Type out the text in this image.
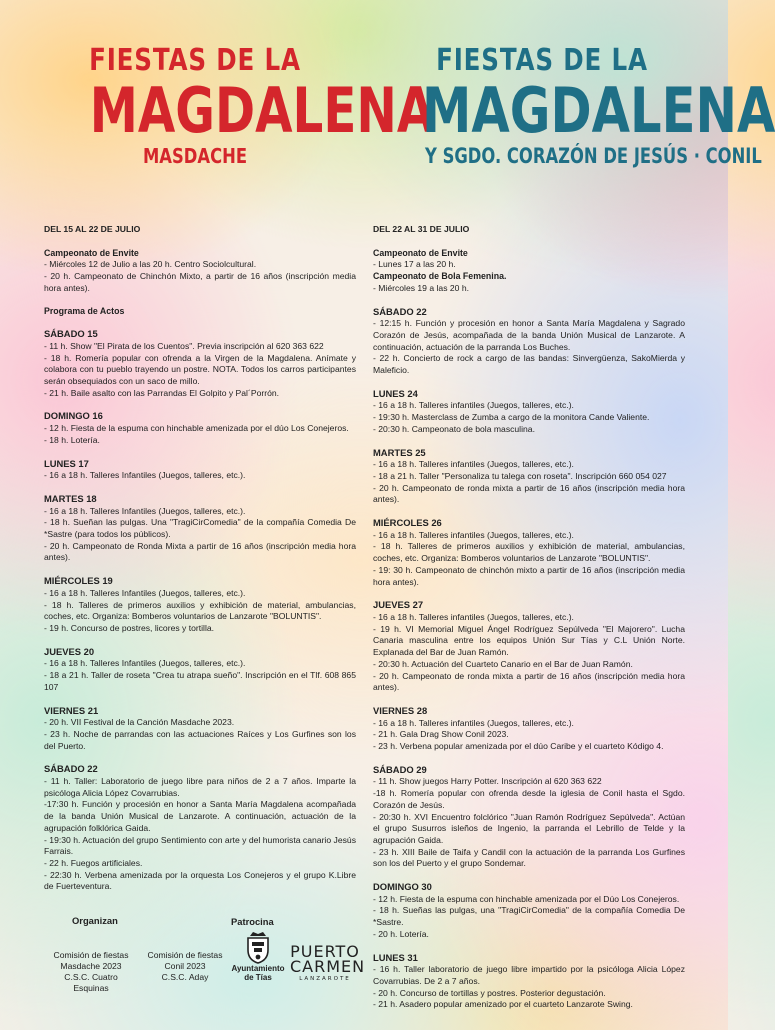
FIESTAS DE LA
MAGDALENA
MASDACHE
FIESTAS DE LA
MAGDALENA
Y SGDO. CORAZÓN DE JESÚS · CONIL
DEL 15 AL 22 DE JULIO
Campeonato de Envite
- Miércoles 12 de Julio a las 20 h. Centro Sociolcultural.
- 20 h. Campeonato de Chinchón Mixto, a partir de 16 años (inscripción media hora antes).
Programa de Actos
SÁBADO 15
- 11 h. Show "El Pirata de los Cuentos". Previa inscripción al 620 363 622
- 18 h. Romería popular con ofrenda a la Virgen de la Magdalena. Anímate y colabora con tu pueblo trayendo un postre. NOTA. Todos los carros participantes serán obsequiados con un saco de millo.
- 21 h. Baile asalto con las Parrandas El Golpito y Pal´Porrón.
DOMINGO 16
- 12 h. Fiesta de la espuma con hinchable amenizada por el dúo Los Conejeros.
- 18 h. Lotería.
LUNES 17
- 16 a 18 h. Talleres Infantiles (Juegos, talleres, etc.).
MARTES 18
- 16 a 18 h. Talleres Infantiles (Juegos, talleres, etc.).
- 18 h. Sueñan las pulgas. Una "TragiCirComedia" de la compañía Comedia De *Sastre (para todos los públicos).
- 20 h. Campeonato de Ronda Mixta a partir de 16 años (inscripción media hora antes).
MIÉRCOLES 19
- 16 a 18 h. Talleres Infantiles (Juegos, talleres, etc.).
- 18 h. Talleres de primeros auxilios y exhibición de material, ambulancias, coches, etc. Organiza: Bomberos voluntarios de Lanzarote "BOLUNTIS".
- 19 h. Concurso de postres, licores y tortilla.
JUEVES 20
- 16 a 18 h. Talleres Infantiles (Juegos, talleres, etc.).
- 18 a 21 h. Taller de roseta "Crea tu atrapa sueño". Inscripción en el Tlf. 608 865 107
VIERNES 21
- 20 h. VII Festival de la Canción Masdache 2023.
- 23 h. Noche de parrandas con las actuaciones Raíces y Los Gurfines son los del Puerto.
SÁBADO 22
- 11 h. Taller: Laboratorio de juego libre para niños de 2 a 7 años. Imparte la psicóloga Alicia López Covarrubias.
-17:30 h. Función y procesión en honor a Santa María Magdalena acompañada de la banda Unión Musical de Lanzarote. A continuación, actuación de la agrupación folklórica Gaida.
- 19:30 h. Actuación del grupo Sentimiento con arte y del humorista canario Jesús Farrais.
- 22 h. Fuegos artificiales.
- 22:30 h. Verbena amenizada por la orquesta Los Conejeros y el grupo K.Libre de Fuerteventura.
DEL 22 AL 31 DE JULIO
Campeonato de Envite
- Lunes 17 a las 20 h.
Campeonato de Bola Femenina.
- Miércoles 19 a las 20 h.
SÁBADO 22
- 12:15 h. Función y procesión en honor a Santa María Magdalena y Sagrado Corazón de Jesús, acompañada de la banda Unión Musical de Lanzarote. A continuación, actuación de la parranda Los Buches.
- 22 h. Concierto de rock a cargo de las bandas: Sinvergüenza, SakoMierda y Maleficio.
LUNES 24
- 16 a 18 h. Talleres infantiles (Juegos, talleres, etc.).
- 19:30 h. Masterclass de Zumba a cargo de la monitora Cande Valiente.
- 20:30 h. Campeonato de bola masculina.
MARTES 25
- 16 a 18 h. Talleres infantiles (Juegos, talleres, etc.).
- 18 a 21 h. Taller "Personaliza tu talega con roseta". Inscripción 660 054 027
- 20 h. Campeonato de ronda mixta a partir de 16 años (inscripción media hora antes).
MIÉRCOLES 26
- 16 a 18 h. Talleres infantiles (Juegos, talleres, etc.).
- 18 h. Talleres de primeros auxilios y exhibición de material, ambulancias, coches, etc. Organiza: Bomberos voluntarios de Lanzarote "BOLUNTIS".
- 19: 30 h. Campeonato de chinchón mixto a partir de 16 años (inscripción media hora antes).
JUEVES 27
- 16 a 18 h. Talleres infantiles (Juegos, talleres, etc.).
- 19 h. VI Memorial Miguel Ángel Rodríguez Sepúlveda "El Majorero". Lucha Canaria masculina entre los equipos Unión Sur Tías y C.L Unión Norte. Explanada del Bar de Juan Ramón.
- 20:30 h. Actuación del Cuarteto Canario en el Bar de Juan Ramón.
- 20 h. Campeonato de ronda mixta a partir de 16 años (inscripción media hora antes).
VIERNES 28
- 16 a 18 h. Talleres infantiles (Juegos, talleres, etc.).
- 21 h. Gala Drag Show Conil 2023.
- 23 h. Verbena popular amenizada por el dúo Caribe y el cuarteto Kódigo 4.
SÁBADO 29
- 11 h. Show juegos Harry Potter. Inscripción al 620 363 622
-18 h. Romería popular con ofrenda desde la iglesia de Conil hasta el Sgdo. Corazón de Jesús.
- 20:30 h. XVI Encuentro folclórico "Juan Ramón Rodríguez Sepúlveda". Actúan el grupo Susurros isleños de Ingenio, la parranda el Lebrillo de Telde y la agrupación Gaida.
- 23 h. XIII Baile de Taifa y Candil con la actuación de la parranda Los Gurfines son los del Puerto y el grupo Sondemar.
DOMINGO 30
- 12 h. Fiesta de la espuma con hinchable amenizada por el Dúo Los Conejeros.
- 18 h. Sueñas las pulgas, una "TragiCirComedia" de la compañía Comedia De *Sastre.
- 20 h. Lotería.
LUNES 31
- 16 h. Taller laboratorio de juego libre impartido por la psicóloga Alicia López Covarrubias. De 2 a 7 años.
- 20 h. Concurso de tortillas y postres. Posterior degustación.
- 21 h. Asadero popular amenizado por el cuarteto Lanzarote Swing.
Organizan
Comisión de fiestas
Masdache 2023
C.S.C. Cuatro Esquinas
Comisión de fiestas
Conil 2023
C.S.C. Aday
Patrocina
Ayuntamiento
de Tías
PUERTO
CARMEN
LANZAROTE
